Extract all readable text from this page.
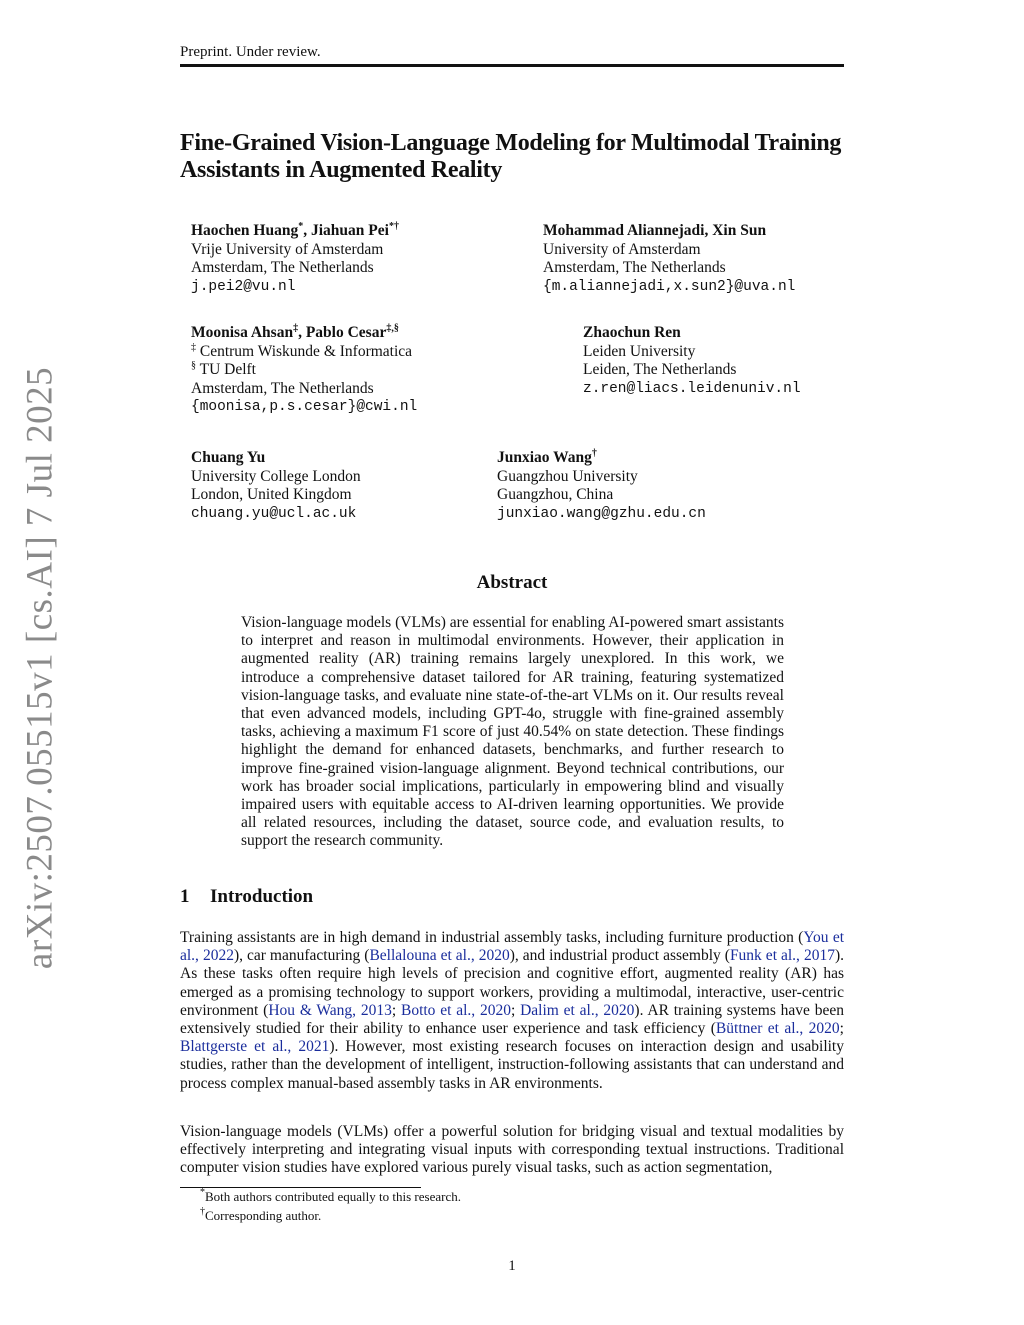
Preprint. Under review.
arXiv:2507.05515v1 [cs.AI] 7 Jul 2025
Fine-Grained Vision-Language Modeling for Multimodal Training Assistants in Augmented Reality
Haochen Huang*, Jiahuan Pei*†
Vrije University of Amsterdam
Amsterdam, The Netherlands
j.pei2@vu.nl
Mohammad Aliannejadi, Xin Sun
University of Amsterdam
Amsterdam, The Netherlands
{m.aliannejadi,x.sun2}@uva.nl
Moonisa Ahsan‡, Pablo Cesar‡,§
‡ Centrum Wiskunde & Informatica
§ TU Delft
Amsterdam, The Netherlands
{moonisa,p.s.cesar}@cwi.nl
Zhaochun Ren
Leiden University
Leiden, The Netherlands
z.ren@liacs.leidenuniv.nl
Chuang Yu
University College London
London, United Kingdom
chuang.yu@ucl.ac.uk
Junxiao Wang†
Guangzhou University
Guangzhou, China
junxiao.wang@gzhu.edu.cn
Abstract
Vision-language models (VLMs) are essential for enabling AI-powered smart assistants to interpret and reason in multimodal environments. However, their application in augmented reality (AR) training remains largely unexplored. In this work, we introduce a comprehensive dataset tailored for AR training, featuring systematized vision-language tasks, and evaluate nine state-of-the-art VLMs on it. Our results reveal that even advanced models, including GPT-4o, struggle with fine-grained assembly tasks, achieving a maximum F1 score of just 40.54% on state detection. These findings highlight the demand for enhanced datasets, benchmarks, and further research to improve fine-grained vision-language alignment. Beyond technical contributions, our work has broader social implications, particularly in empowering blind and visually impaired users with equitable access to AI-driven learning opportunities. We provide all related resources, including the dataset, source code, and evaluation results, to support the research community.
1 Introduction
Training assistants are in high demand in industrial assembly tasks, including furniture production (You et al., 2022), car manufacturing (Bellalouna et al., 2020), and industrial product assembly (Funk et al., 2017). As these tasks often require high levels of precision and cognitive effort, augmented reality (AR) has emerged as a promising technology to support workers, providing a multimodal, interactive, user-centric environment (Hou & Wang, 2013; Botto et al., 2020; Dalim et al., 2020). AR training systems have been extensively studied for their ability to enhance user experience and task efficiency (Büttner et al., 2020; Blattgerste et al., 2021). However, most existing research focuses on interaction design and usability studies, rather than the development of intelligent, instruction-following assistants that can understand and process complex manual-based assembly tasks in AR environments.
Vision-language models (VLMs) offer a powerful solution for bridging visual and textual modalities by effectively interpreting and integrating visual inputs with corresponding textual instructions. Traditional computer vision studies have explored various purely visual tasks, such as action segmentation,
*Both authors contributed equally to this research.
†Corresponding author.
1
